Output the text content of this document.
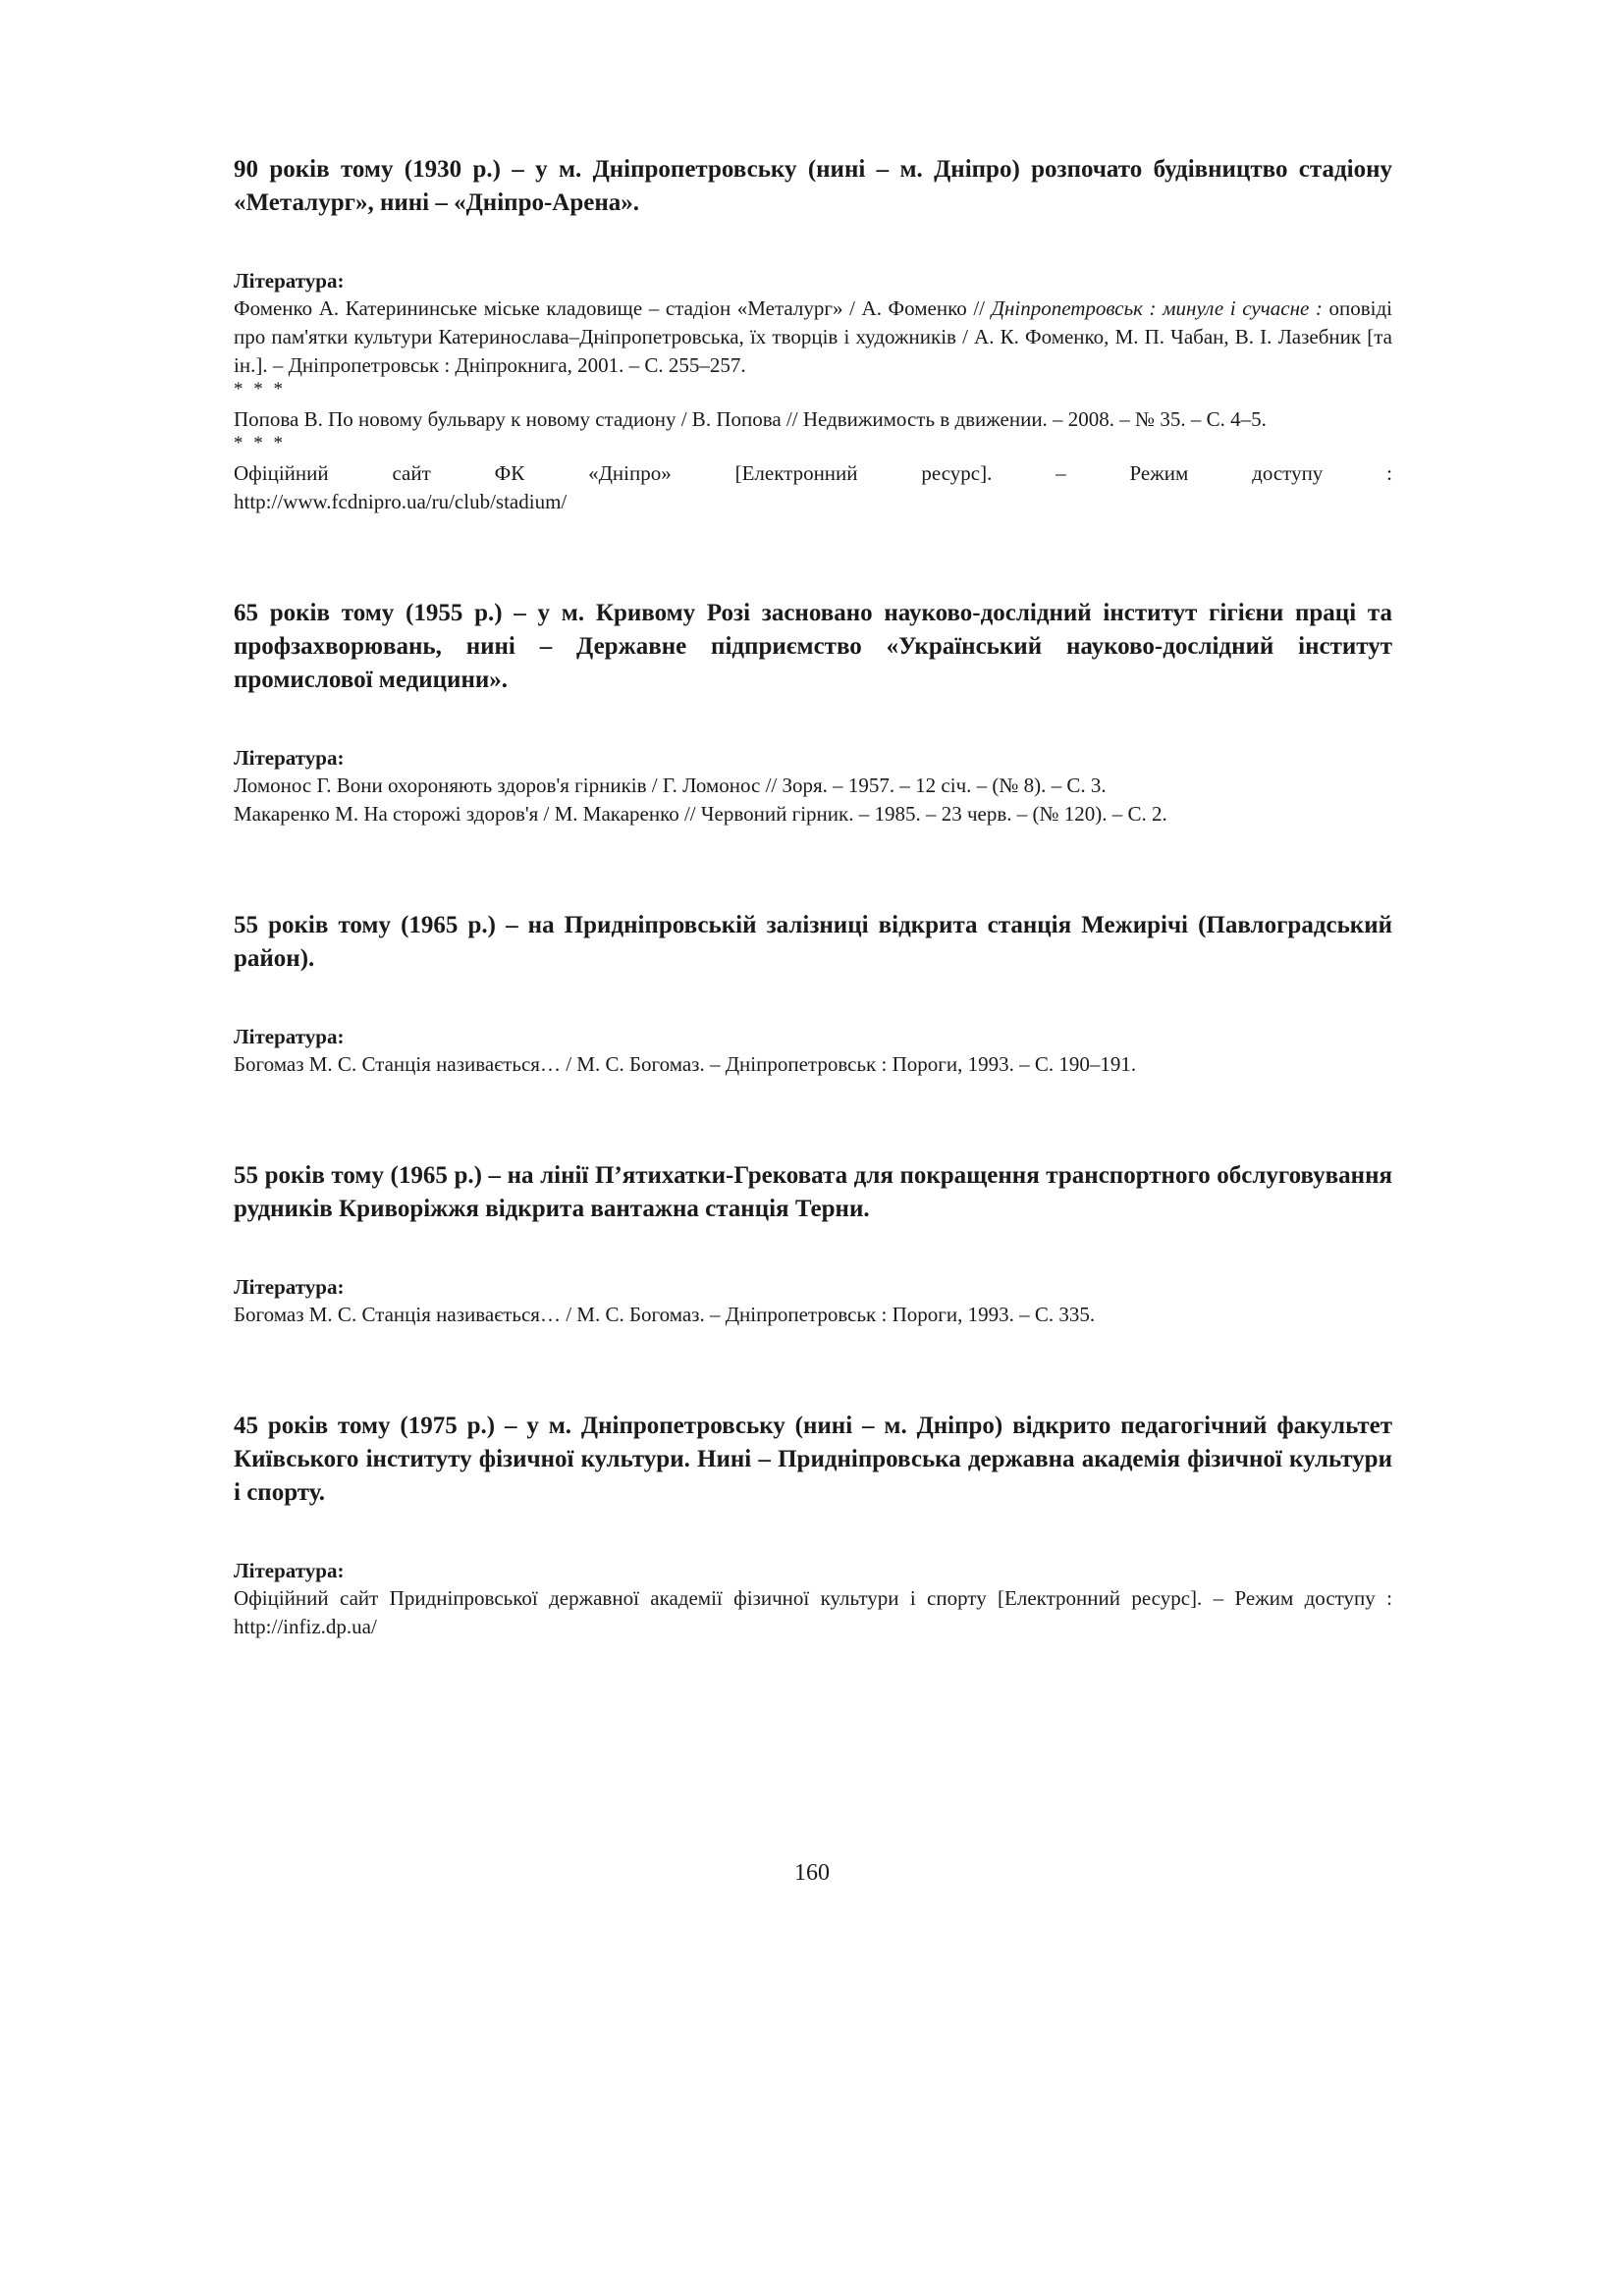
90 років тому (1930 р.) – у м. Дніпропетровську (нині – м. Дніпро) розпочато будівництво стадіону «Металург», нині – «Дніпро-Арена».

Література:

Фоменко А. Катерининське міське кладовище – стадіон «Металург» / А. Фоменко // Дніпропетровськ : минуле і сучасне : оповіді про пам'ятки культури Катеринослава–Дніпропетровська, їх творців і художників / А. К. Фоменко, М. П. Чабан, В. І. Лазебник [та ін.]. – Дніпропетровськ : Дніпрокнига, 2001. – С. 255–257.

* * *

Попова В. По новому бульвару к новому стадиону / В. Попова // Недвижимость в движении. – 2008. – № 35. – С. 4–5.

* * *

Офіційний сайт ФК «Дніпро» [Електронний ресурс]. – Режим доступу :

http://www.fcdnipro.ua/ru/club/stadium/

65 років тому (1955 р.) – у м. Кривому Розі засновано науково-дослідний інститут гігієни праці та профзахворювань, нині – Державне підприємство «Український науково-дослідний інститут промислової медицини».

Література:

Ломонос Г. Вони охороняють здоров'я гірників / Г. Ломонос // Зоря. – 1957. – 12 січ. – (№ 8). – С. 3.

Макаренко М. На сторожі здоров'я / М. Макаренко // Червоний гірник. – 1985. – 23 черв. – (№ 120). – С. 2.

55 років тому (1965 р.) – на Придніпровській залізниці відкрита станція Межирічі (Павлоградський район).

Література:

Богомаз М. С. Станція називається… / М. С. Богомаз. – Дніпропетровськ : Пороги, 1993. – С. 190–191.

55 років тому (1965 р.) – на лінії П’ятихатки-Грековата для покращення транспортного обслуговування рудників Криворіжжя відкрита вантажна станція Терни.

Література:

Богомаз М. С. Станція називається… / М. С. Богомаз. – Дніпропетровськ : Пороги, 1993. – С. 335.

45 років тому (1975 р.) – у м. Дніпропетровську (нині – м. Дніпро) відкрито педагогічний факультет Київського інституту фізичної культури. Нині – Придніпровська державна академія фізичної культури і спорту.

Література:

Офіційний сайт Придніпровської державної академії фізичної культури і спорту [Електронний ресурс]. – Режим доступу : http://infiz.dp.ua/

160
